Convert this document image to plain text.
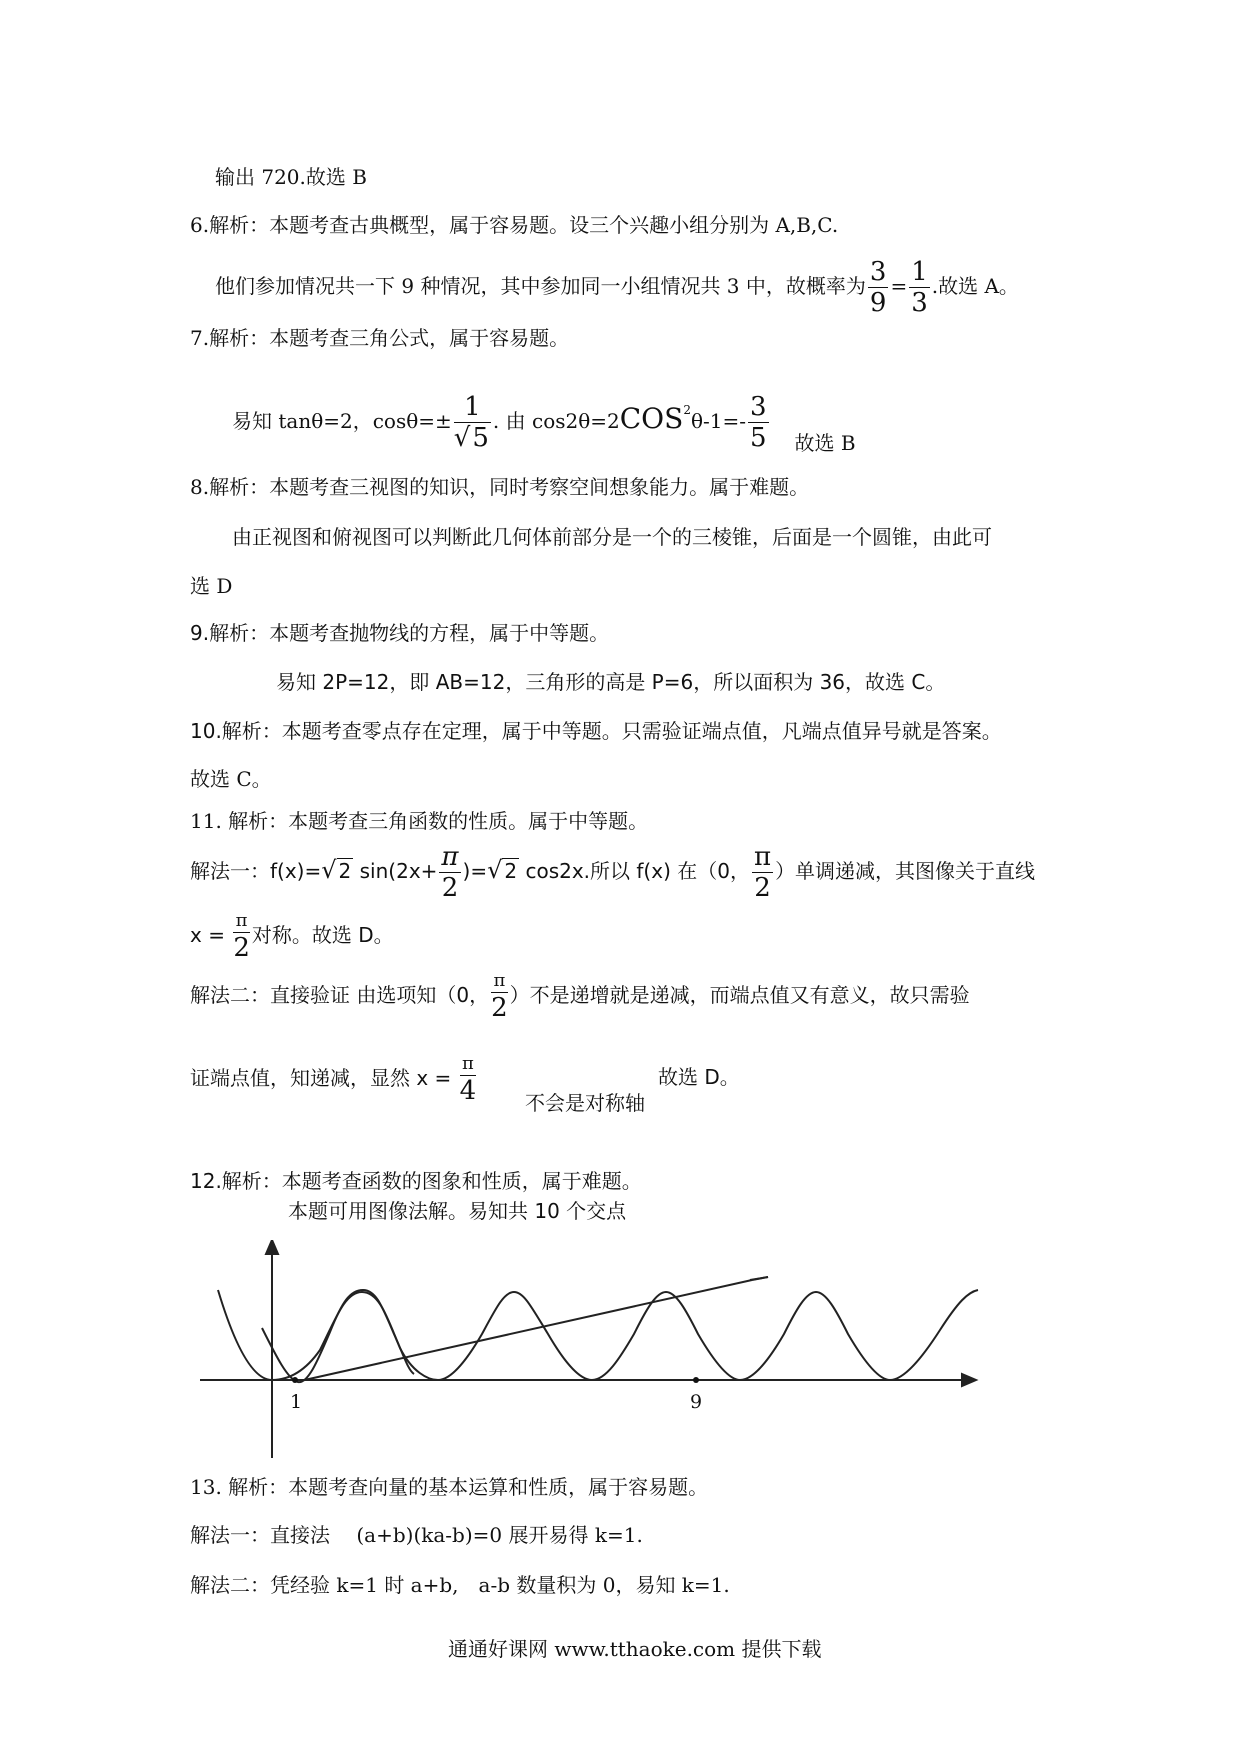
输出 720.故选 B
6.解析：本题考查古典概型，属于容易题。设三个兴趣小组分别为 A,B,C.
他们参加情况共一下 9 种情况，其中参加同一小组情况共 3 中，故概率为 $\frac{3}{9} = \frac{1}{3}$ .故选 A。
7.解析：本题考查三角公式，属于容易题。
易知 tanθ=2，$\cos\theta=\pm \frac{1}{√5}$ . 由 $\cos 2\theta=2COS^2\theta-1=- \frac{3}{5}$ 故选 B
8.解析：本题考查三视图的知识，同时考察空间想象能力。属于难题。
由正视图和俯视图可以判断此几何体前部分是一个的三棱锥，后面是一个圆锥，由此可
选 D
9.解析：本题考查抛物线的方程，属于中等题。
易知 2P=12，即 AB=12，三角形的高是 P=6，所以面积为 36，故选 C。
10.解析：本题考查零点存在定理，属于中等题。只需验证端点值，凡端点值异号就是答案。
故选 C。
11. 解析：本题考查三角函数的性质。属于中等题。
解法一：f(x)=√ 2 $\sin(2x+ \frac{\pi}{2}$ )=√ 2 cos2x.所以 f(x) 在（0， $\frac{\pi}{2}$ ）单调递减，其图像关于直线
$x = \frac{\pi}{2}$ 对称。故选 D。
解法二：直接验证 由选项知（0， $\frac{\pi}{2}$ ）不是递增就是递减，而端点值又有意义，故只需验
证端点值，知递减，显然 $x = \frac{\pi}{4}$ 不会是对称轴
故选 D。
12.解析：本题考查函数的图象和性质，属于难题。
本题可用图像法解。易知共 10 个交点
1	9
13. 解析：本题考查向量的基本运算和性质，属于容易题。
解法一：直接法　 (a+b)(ka-b)=0 展开易得 k=1.
解法二：凭经验 k=1 时 a+b,　a-b 数量积为 0，易知 k=1.
通通好课网 www.tthaoke.com 提供下载
